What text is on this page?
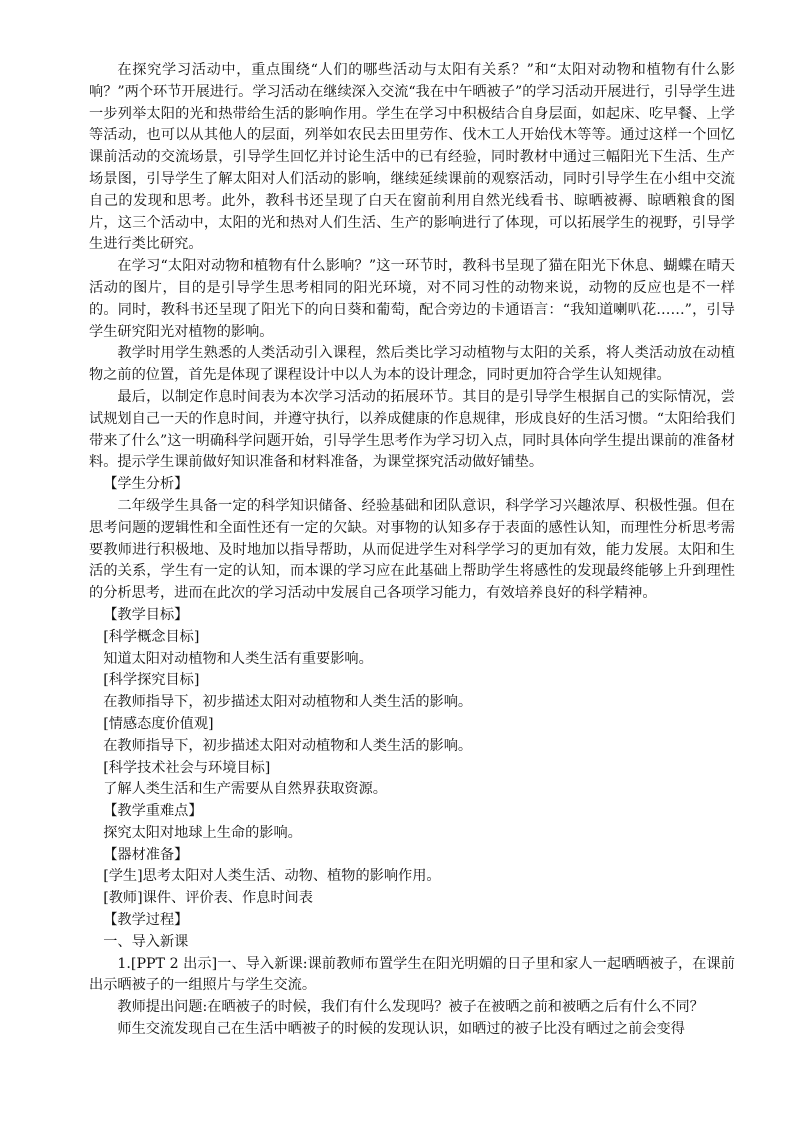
在探究学习活动中，重点围绕“人们的哪些活动与太阳有关系？”和“太阳对动物和植物有什么影响？”两个环节开展进行。学习活动在继续深入交流“我在中午晒被子”的学习活动开展进行，引导学生进一步列举太阳的光和热带给生活的影响作用。学生在学习中积极结合自身层面，如起床、吃早餐、上学等活动，也可以从其他人的层面，列举如农民去田里劳作、伐木工人开始伐木等等。通过这样一个回忆课前活动的交流场景，引导学生回忆并讨论生活中的已有经验，同时教材中通过三幅阳光下生活、生产场景图，引导学生了解太阳对人们活动的影响，继续延续课前的观察活动，同时引导学生在小组中交流自己的发现和思考。此外，教科书还呈现了白天在窗前利用自然光线看书、晾晒被褥、晾晒粮食的图片，这三个活动中，太阳的光和热对人们生活、生产的影响进行了体现，可以拓展学生的视野，引导学生进行类比研究。

在学习“太阳对动物和植物有什么影响？”这一环节时，教科书呈现了猫在阳光下休息、蝴蝶在晴天活动的图片，目的是引导学生思考相同的阳光环境，对不同习性的动物来说，动物的反应也是不一样的。同时，教科书还呈现了阳光下的向日葵和葡萄，配合旁边的卡通语言：“我知道喇叭花……”，引导学生研究阳光对植物的影响。

教学时用学生熟悉的人类活动引入课程，然后类比学习动植物与太阳的关系，将人类活动放在动植物之前的位置，首先是体现了课程设计中以人为本的设计理念，同时更加符合学生认知规律。

最后，以制定作息时间表为本次学习活动的拓展环节。其目的是引导学生根据自己的实际情况，尝试规划自己一天的作息时间，并遵守执行，以养成健康的作息规律，形成良好的生活习惯。“太阳给我们带来了什么”这一明确科学问题开始，引导学生思考作为学习切入点，同时具体向学生提出课前的准备材料。提示学生课前做好知识准备和材料准备，为课堂探究活动做好铺垫。

【学生分析】

二年级学生具备一定的科学知识储备、经验基础和团队意识，科学学习兴趣浓厚、积极性强。但在思考问题的逻辑性和全面性还有一定的欠缺。对事物的认知多存于表面的感性认知，而理性分析思考需要教师进行积极地、及时地加以指导帮助，从而促进学生对科学学习的更加有效，能力发展。太阳和生活的关系，学生有一定的认知，而本课的学习应在此基础上帮助学生将感性的发现最终能够上升到理性的分析思考，进而在此次的学习活动中发展自己各项学习能力，有效培养良好的科学精神。

【教学目标】

[科学概念目标]

知道太阳对动植物和人类生活有重要影响。

[科学探究目标]

在教师指导下，初步描述太阳对动植物和人类生活的影响。

[情感态度价值观]

在教师指导下，初步描述太阳对动植物和人类生活的影响。

[科学技术社会与环境目标]

了解人类生活和生产需要从自然界获取资源。

【教学重难点】

探究太阳对地球上生命的影响。

【器材准备】

[学生]思考太阳对人类生活、动物、植物的影响作用。

[教师]课件、评价表、作息时间表

【教学过程】

一、导入新课

1.[PPT 2 出示]一、导入新课:课前教师布置学生在阳光明媚的日子里和家人一起晒晒被子，在课前出示晒被子的一组照片与学生交流。

教师提出问题:在晒被子的时候，我们有什么发现吗？被子在被晒之前和被晒之后有什么不同？

师生交流发现自己在生活中晒被子的时候的发现认识，如晒过的被子比没有晒过之前会变得
